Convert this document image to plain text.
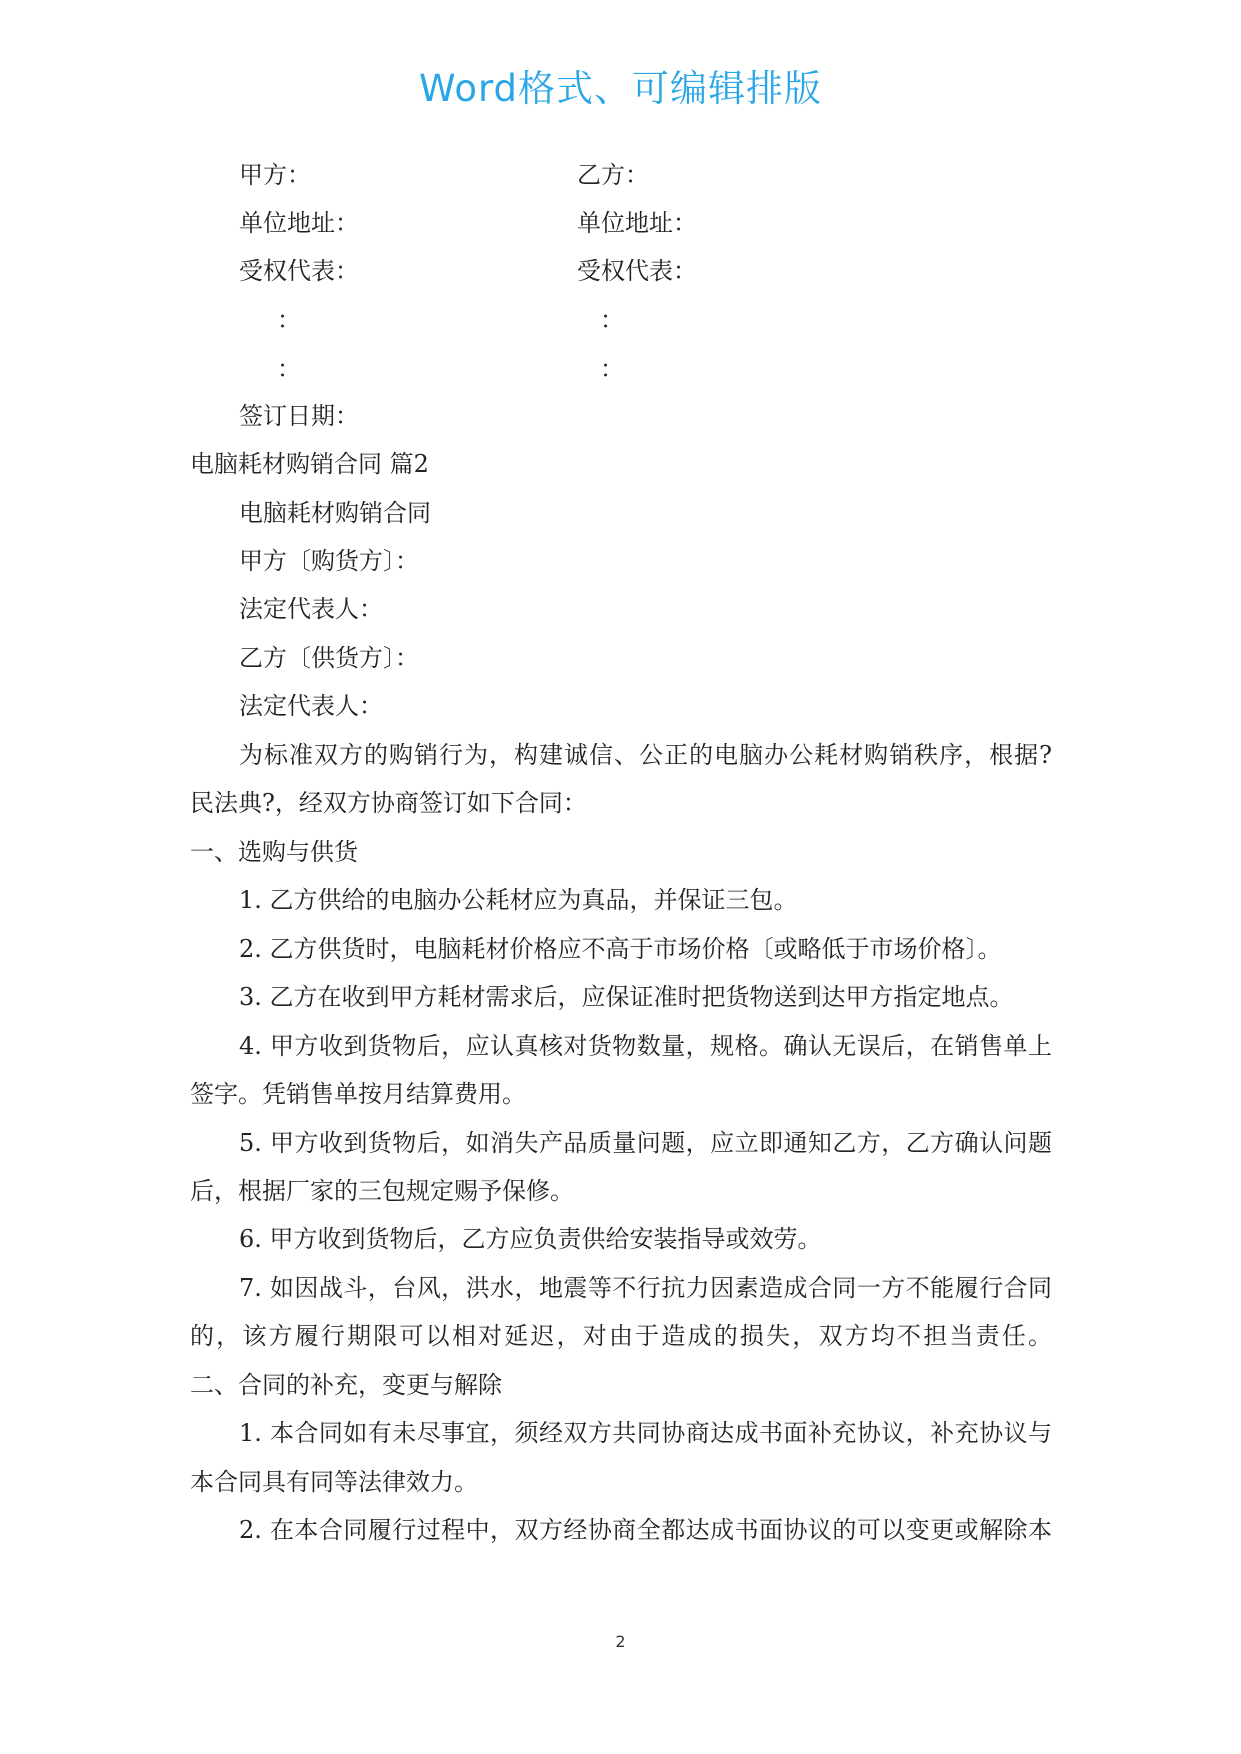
Word格式、可编辑排版
甲方：	乙方：
单位地址：	单位地址：
受权代表：	受权代表：
：	：
：	：
签订日期：
电脑耗材购销合同 篇2
电脑耗材购销合同
甲方〔购货方〕：
法定代表人：
乙方〔供货方〕：
法定代表人：
为标准双方的购销行为，构建诚信、公正的电脑办公耗材购销秩序，根据?
民法典?，经双方协商签订如下合同：
一、选购与供货
1. 乙方供给的电脑办公耗材应为真品，并保证三包。
2. 乙方供货时，电脑耗材价格应不高于市场价格〔或略低于市场价格〕。
3. 乙方在收到甲方耗材需求后，应保证准时把货物送到达甲方指定地点。
4. 甲方收到货物后，应认真核对货物数量，规格。确认无误后，在销售单上
签字。凭销售单按月结算费用。
5. 甲方收到货物后，如消失产品质量问题，应立即通知乙方，乙方确认问题
后，根据厂家的三包规定赐予保修。
6. 甲方收到货物后，乙方应负责供给安装指导或效劳。
7. 如因战斗，台风，洪水，地震等不行抗力因素造成合同一方不能履行合同
的，该方履行期限可以相对延迟，对由于造成的损失，双方均不担当责任。
二、合同的补充，变更与解除
1. 本合同如有未尽事宜，须经双方共同协商达成书面补充协议，补充协议与
本合同具有同等法律效力。
2. 在本合同履行过程中，双方经协商全都达成书面协议的可以变更或解除本
2
